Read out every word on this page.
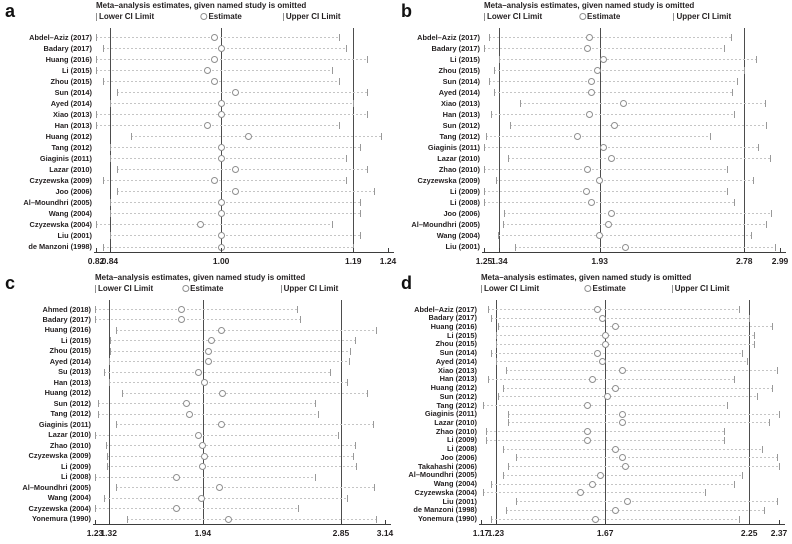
a	Meta–analysis estimates, given named study is omitted
Lower CI Limit	Estimate	Upper CI Limit
Abdel–Aziz (2017)
Badary (2017)
Huang (2016)
Li (2015)
Zhou (2015)
Sun (2014)
Ayed (2014)
Xiao (2013)
Han (2013)
Huang (2012)
Tang (2012)
Giaginis (2011)
Lazar (2010)
Czyzewska (2009)
Joo (2006)
Al–Moundhri (2005)
Wang (2004)
Czyzewska (2004)
Liu (2001)
de Manzoni (1998)
0.82
0.84	1.00	1.19 1.24
b	Meta–analysis estimates, given named study is omitted
Lower CI Limit	Estimate	Upper CI Limit
Abdel–Aziz (2017)
Badary (2017)
Li (2015)
Zhou (2015)
Sun (2014)
Ayed (2014)
Xiao (2013)
Han (2013)
Sun (2012)
Tang (2012)
Giaginis (2011)
Lazar (2010)
Zhao (2010)
Czyzewska (2009)
Li (2009)
Li (2008)
Joo (2006)
Al–Moundhri (2005)
Wang (2004)
Liu (2001)
1.25
1.34	1.93	2.78 2.99
c	Meta–analysis estimates, given named study is omitted
Lower CI Limit	Estimate	Upper CI Limit
Ahmed (2018)
Badary (2017)
Huang (2016)
Li (2015)
Zhou (2015)
Ayed (2014)
Su (2013)
Han (2013)
Huang (2012)
Sun (2012)
Tang (2012)
Giaginis (2011)
Lazar (2010)
Zhao (2010)
Czyzewska (2009)
Li (2009)
Li (2008)
Al–Moundhri (2005)
Wang (2004)
Czyzewska (2004)
Yonemura (1990)
1.23
1.32	1.94	2.85	3.14
d	Meta–analysis estimates, given named study is omitted
Lower CI Limit	Estimate	Upper CI Limit
Abdel–Aziz (2017)
Badary (2017)
Huang (2016)
Li (2015)
Zhou (2015)
Sun (2014)
Ayed (2014)
Xiao (2013)
Han (2013)
Huang (2012)
Sun (2012)
Tang (2012)
Giaginis (2011)
Lazar (2010)
Zhao (2010)
Li (2009)
Li (2008)
Joo (2006)
Takahashi (2006)
Al–Moundhri (2005)
Wang (2004)
Czyzewska (2004)
Liu (2001)
de Manzoni (1998)
Yonemura (1990)
1.17
1.23	1.67	2.25 2.37
